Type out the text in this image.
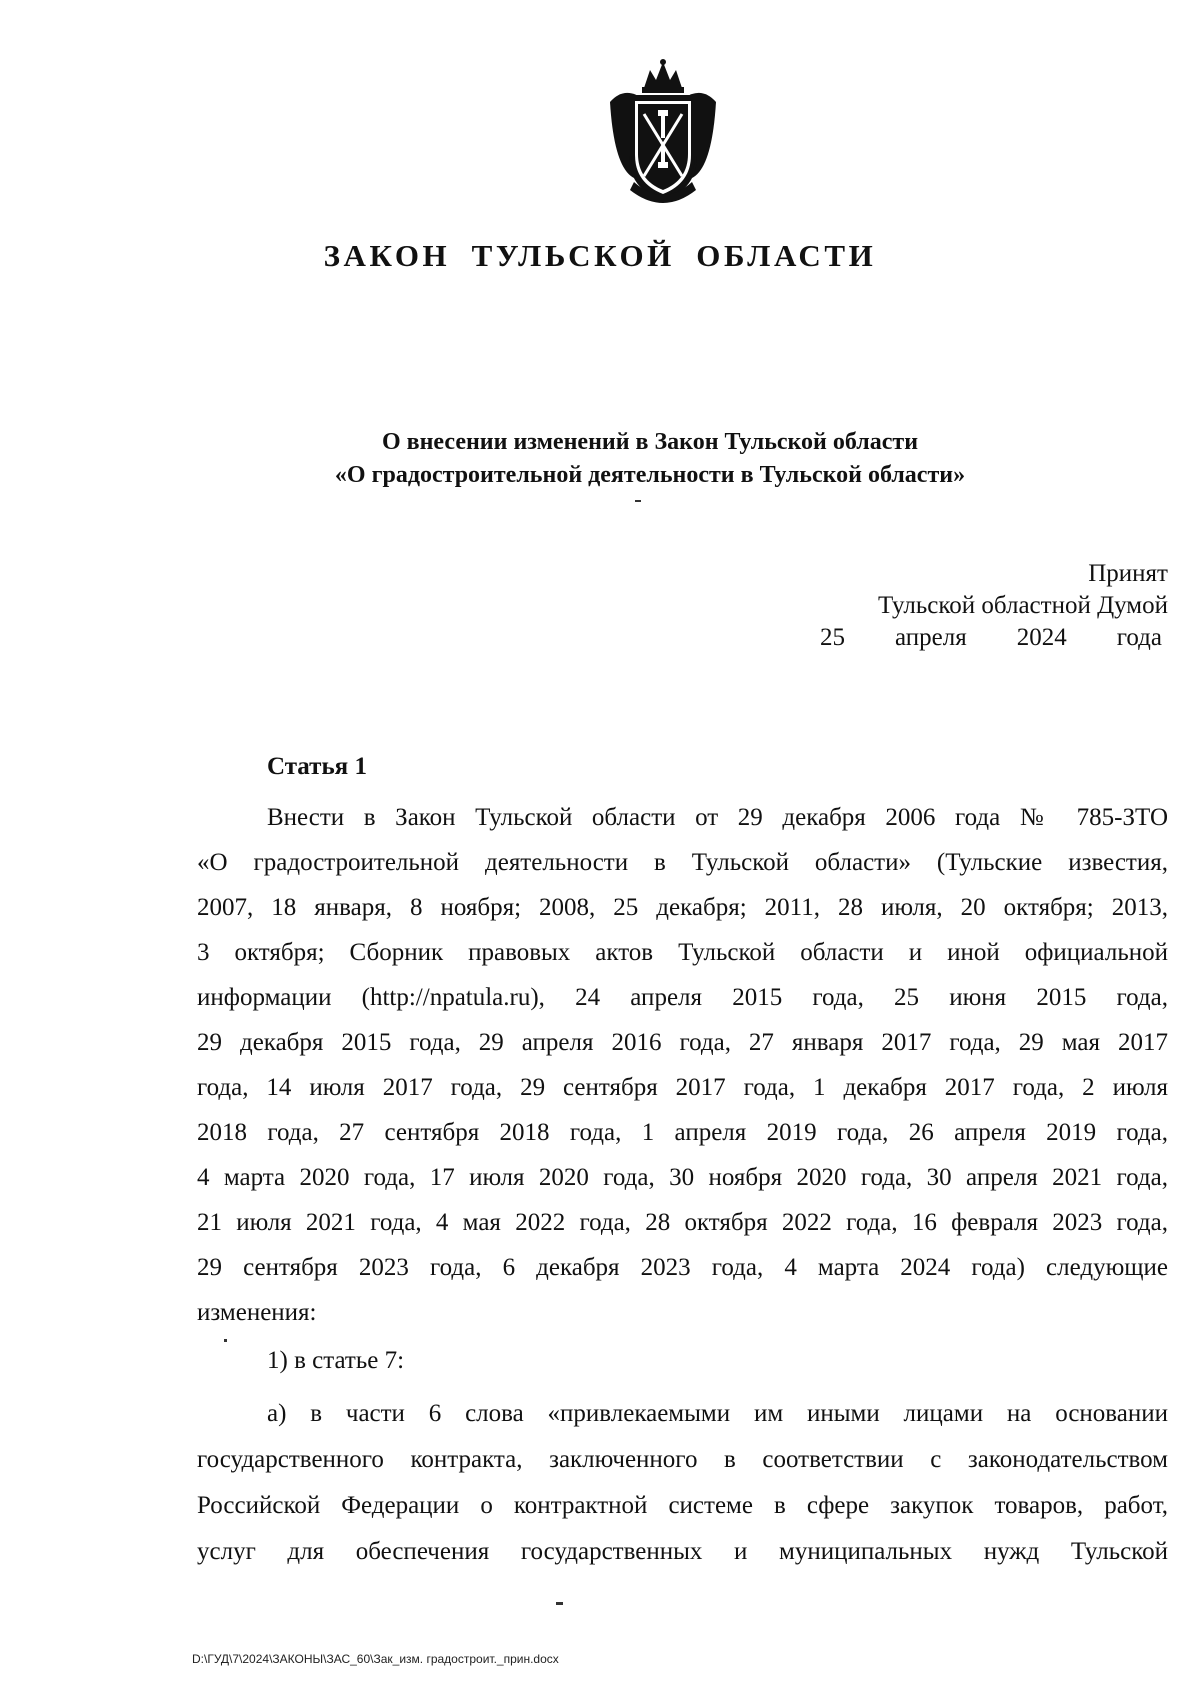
ЗАКОН ТУЛЬСКОЙ ОБЛАСТИ
О внесении изменений в Закон Тульской области
«О градостроительной деятельности в Тульской области»
Принят
Тульской областной Думой
25 апреля 2024 года
Статья 1
Внести в Закон Тульской области от 29 декабря 2006 года № 785-ЗТО
«О градостроительной деятельности в Тульской области» (Тульские известия,
2007, 18 января, 8 ноября; 2008, 25 декабря; 2011, 28 июля, 20 октября; 2013,
3 октября; Сборник правовых актов Тульской области и иной официальной
информации (http://npatula.ru), 24 апреля 2015 года, 25 июня 2015 года,
29 декабря 2015 года, 29 апреля 2016 года, 27 января 2017 года, 29 мая 2017
года, 14 июля 2017 года, 29 сентября 2017 года, 1 декабря 2017 года, 2 июля
2018 года, 27 сентября 2018 года, 1 апреля 2019 года, 26 апреля 2019 года,
4 марта 2020 года, 17 июля 2020 года, 30 ноября 2020 года, 30 апреля 2021 года,
21 июля 2021 года, 4 мая 2022 года, 28 октября 2022 года, 16 февраля 2023 года,
29 сентября 2023 года, 6 декабря 2023 года, 4 марта 2024 года) следующие
изменения:
1) в статье 7:
а) в части 6 слова «привлекаемыми им иными лицами на основании
государственного контракта, заключенного в соответствии с законодательством
Российской Федерации о контрактной системе в сфере закупок товаров, работ,
услуг для обеспечения государственных и муниципальных нужд Тульской
D:\ГУД\7\2024\ЗАКОНЫ\ЗАС_60\Зак_изм. градостроит._прин.docx
